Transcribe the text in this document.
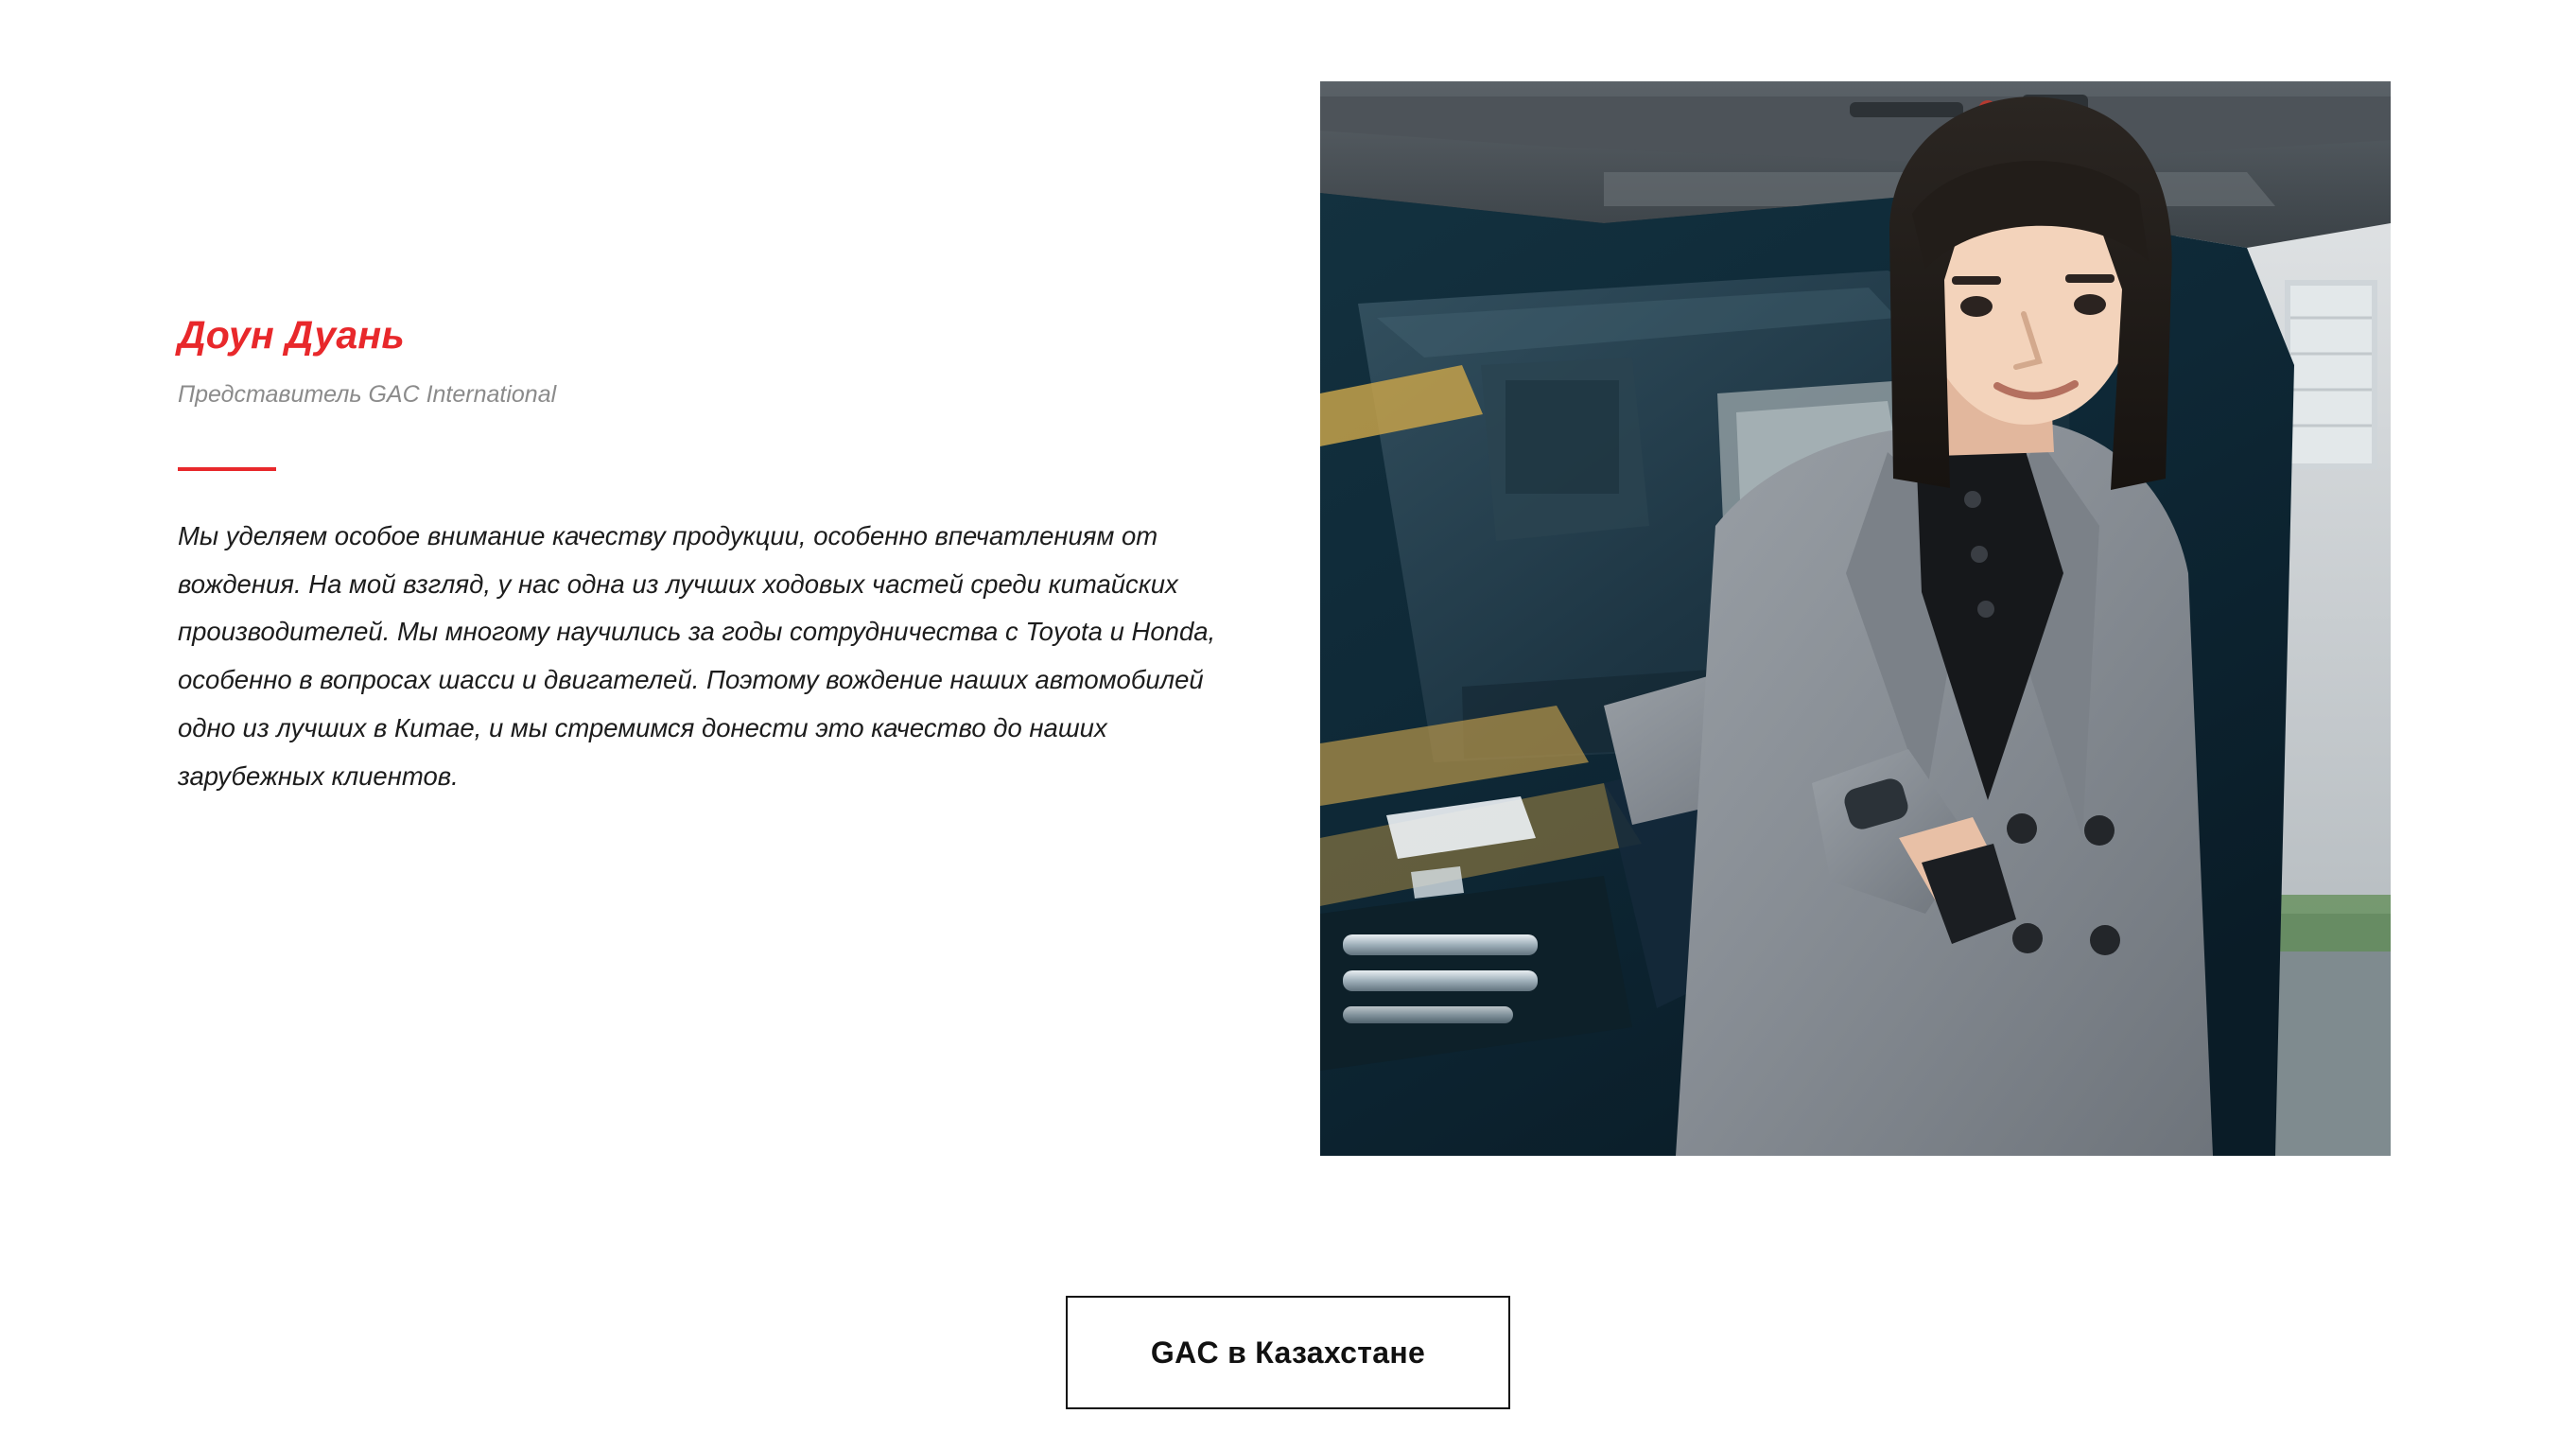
Доун Дуань

Представитель GAC International

Мы уделяем особое внимание качеству продукции, особенно впечатлениям от вождения. На мой взгляд, у нас одна из лучших ходовых частей среди китайских производителей. Мы многому научились за годы сотрудничества с Toyota и Honda, особенно в вопросах шасси и двигателей. Поэтому вождение наших автомобилей одно из лучших в Китае, и мы стремимся донести это качество до наших зарубежных клиентов.

GAC в Казахстане
